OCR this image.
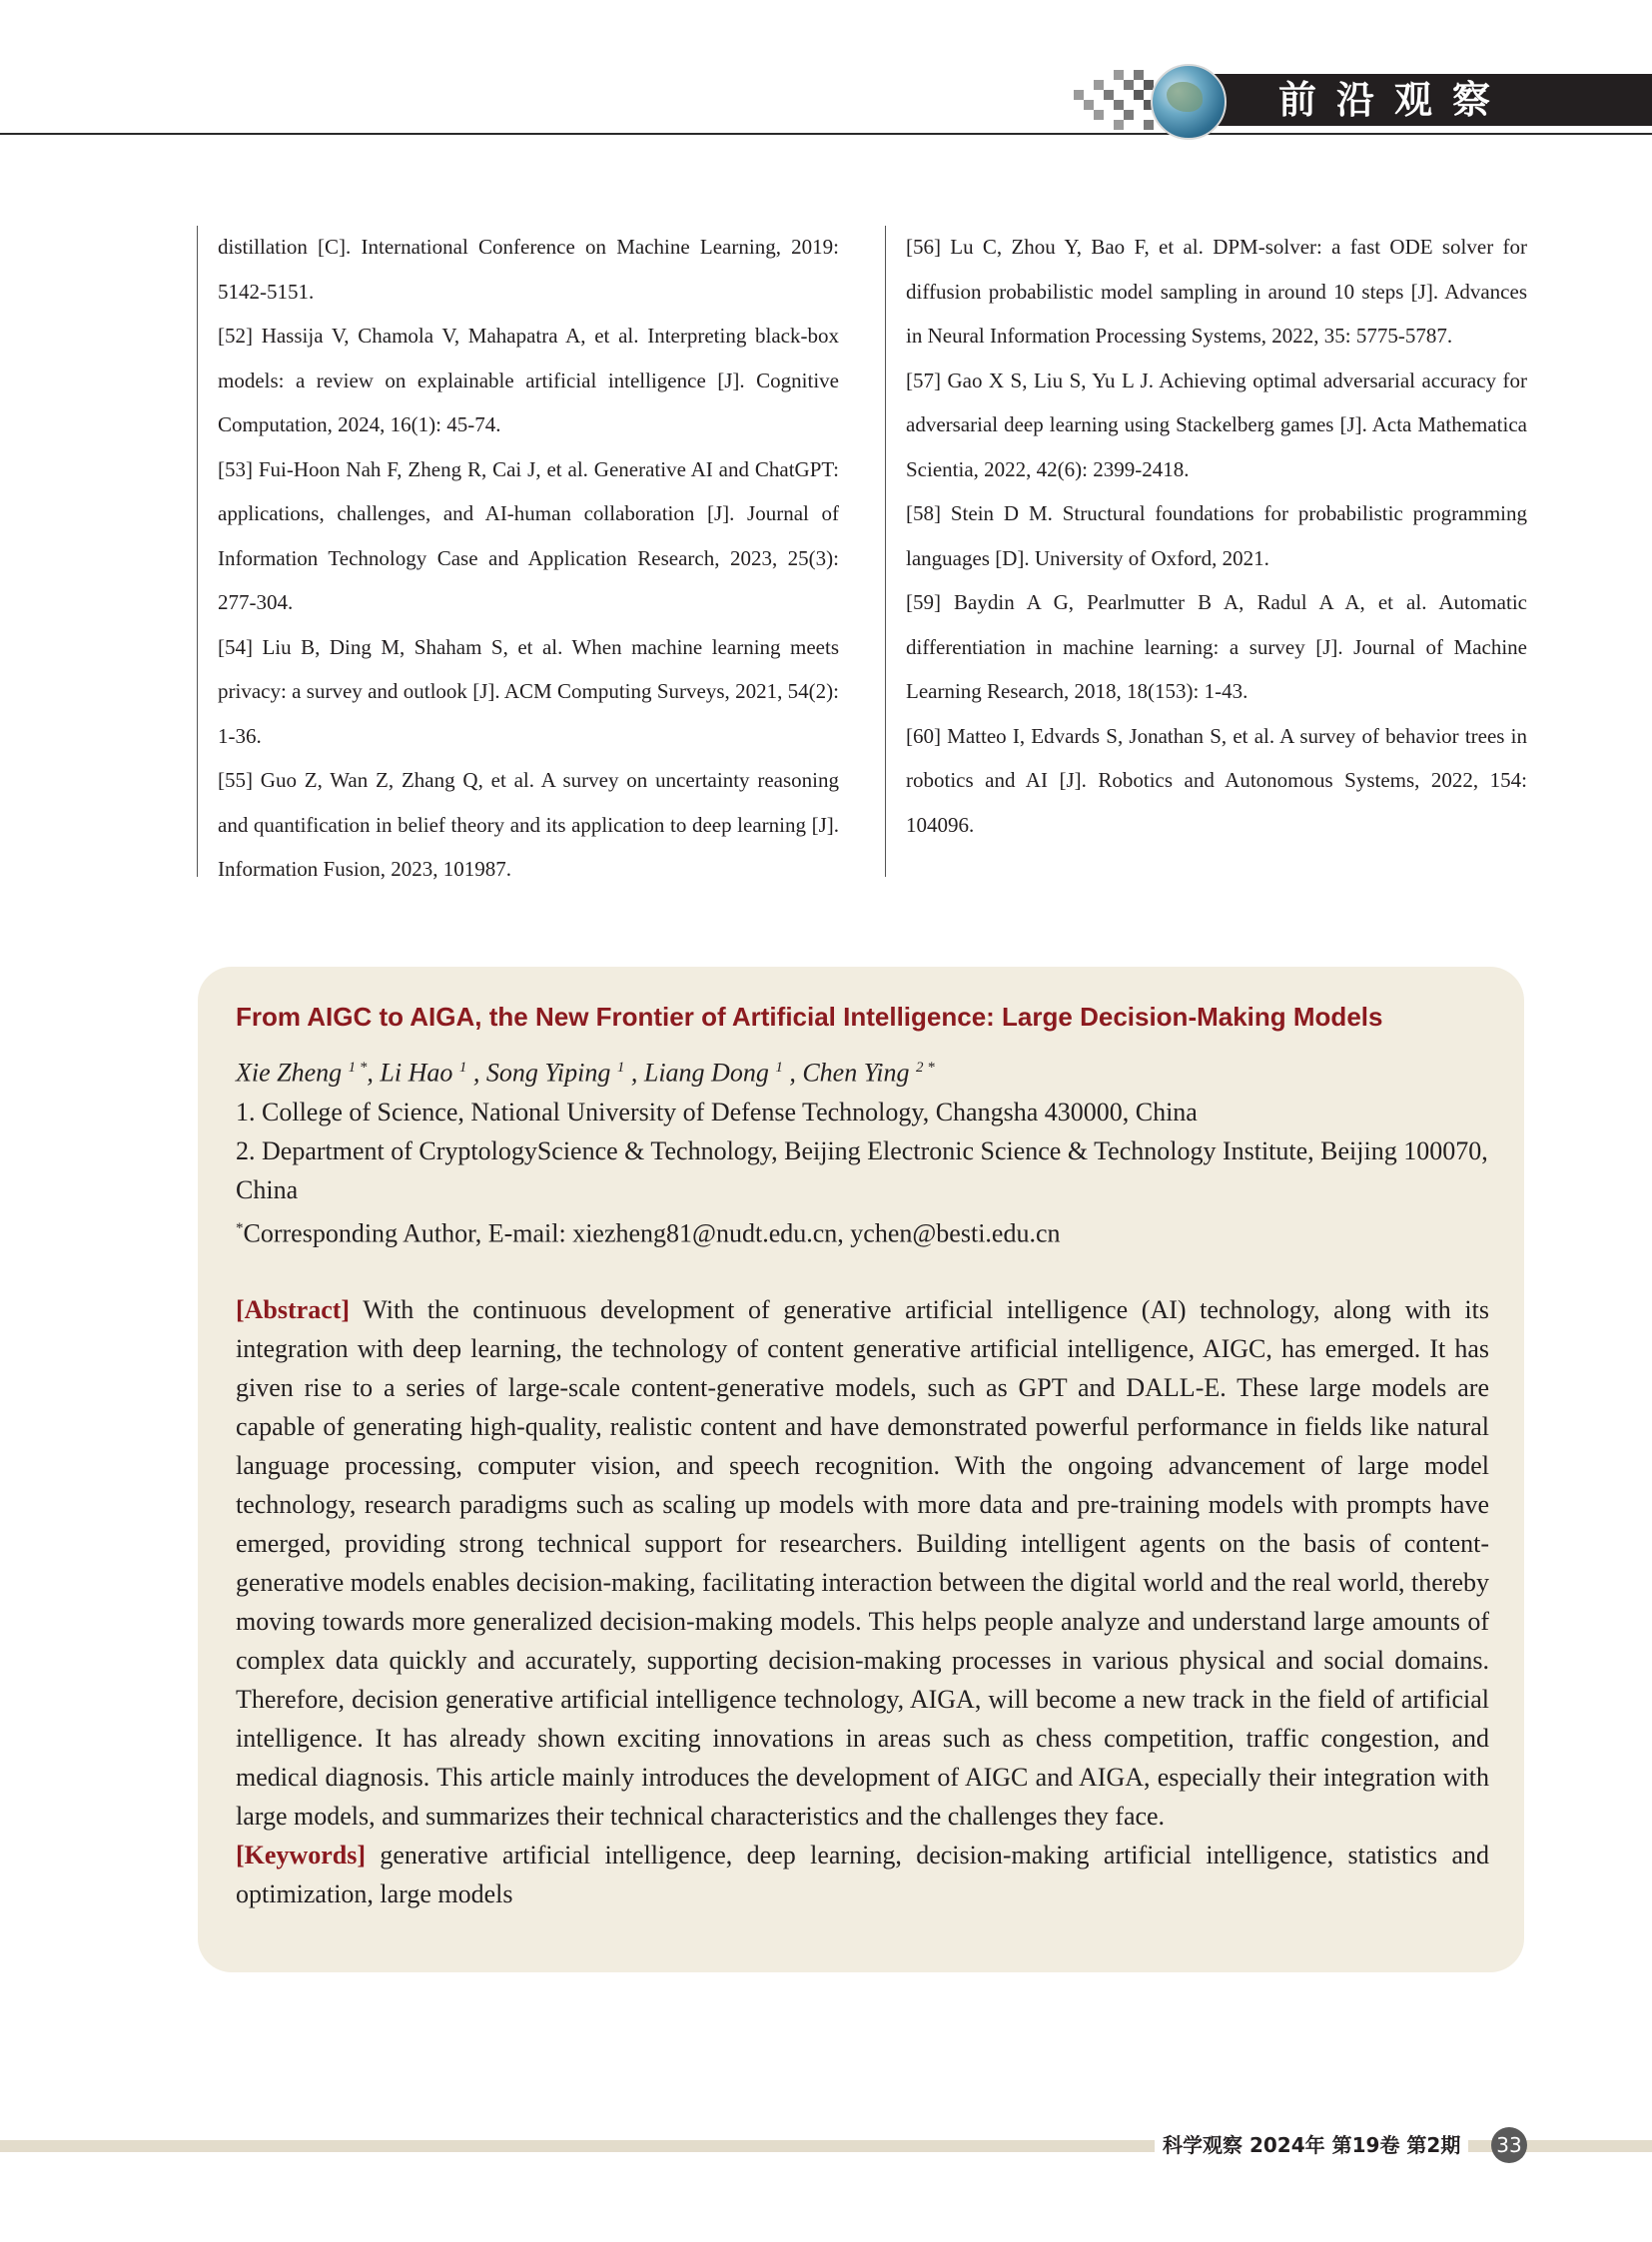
前沿观察

distillation [C]. International Conference on Machine Learning, 2019: 5142-5151.

[52] Hassija V, Chamola V, Mahapatra A, et al. Interpreting black-box models: a review on explainable artificial intelligence [J]. Cognitive Computation, 2024, 16(1): 45-74.

[53] Fui-Hoon Nah F, Zheng R, Cai J, et al. Generative AI and ChatGPT: applications, challenges, and AI-human collaboration [J]. Journal of Information Technology Case and Application Research, 2023, 25(3): 277-304.

[54] Liu B, Ding M, Shaham S, et al. When machine learning meets privacy: a survey and outlook [J]. ACM Computing Surveys, 2021, 54(2): 1-36.

[55] Guo Z, Wan Z, Zhang Q, et al. A survey on uncertainty reasoning and quantification in belief theory and its application to deep learning [J]. Information Fusion, 2023, 101987.

[56] Lu C, Zhou Y, Bao F, et al. DPM-solver: a fast ODE solver for diffusion probabilistic model sampling in around 10 steps [J]. Advances in Neural Information Processing Systems, 2022, 35: 5775-5787.

[57] Gao X S, Liu S, Yu L J. Achieving optimal adversarial accuracy for adversarial deep learning using Stackelberg games [J]. Acta Mathematica Scientia, 2022, 42(6): 2399-2418.

[58] Stein D M. Structural foundations for probabilistic programming languages [D]. University of Oxford, 2021.

[59] Baydin A G, Pearlmutter B A, Radul A A, et al. Automatic differentiation in machine learning: a survey [J]. Journal of Machine Learning Research, 2018, 18(153): 1-43.

[60] Matteo I, Edvards S, Jonathan S, et al. A survey of behavior trees in robotics and AI [J]. Robotics and Autonomous Systems, 2022, 154: 104096.

From AIGC to AIGA, the New Frontier of Artificial Intelligence: Large Decision-Making Models

Xie Zheng $^{1 *}$, Li Hao $^1$ , Song Yiping $^1$ , Liang Dong $^1$ , Chen Ying $^{2 *}$

1. College of Science, National University of Defense Technology, Changsha 430000, China

2. Department of CryptologyScience & Technology, Beijing Electronic Science & Technology Institute, Beijing 100070, China

*Corresponding Author, E-mail: xiezheng81@nudt.edu.cn, ychen@besti.edu.cn

[Abstract] With the continuous development of generative artificial intelligence (AI) technology, along with its integration with deep learning, the technology of content generative artificial intelligence, AIGC, has emerged. It has given rise to a series of large-scale content-generative models, such as GPT and DALL-E. These large models are capable of generating high-quality, realistic content and have demonstrated powerful performance in fields like natural language processing, computer vision, and speech recognition. With the ongoing advancement of large model technology, research paradigms such as scaling up models with more data and pre-training models with prompts have emerged, providing strong technical support for researchers. Building intelligent agents on the basis of content-generative models enables decision-making, facilitating interaction between the digital world and the real world, thereby moving towards more generalized decision-making models. This helps people analyze and understand large amounts of complex data quickly and accurately, supporting decision-making processes in various physical and social domains. Therefore, decision generative artificial intelligence technology, AIGA, will become a new track in the field of artificial intelligence. It has already shown exciting innovations in areas such as chess competition, traffic congestion, and medical diagnosis. This article mainly introduces the development of AIGC and AIGA, especially their integration with large models, and summarizes their technical characteristics and the challenges they face.

[Keywords] generative artificial intelligence, deep learning, decision-making artificial intelligence, statistics and optimization, large models

科学观察 2024年 第19卷 第2期	33
